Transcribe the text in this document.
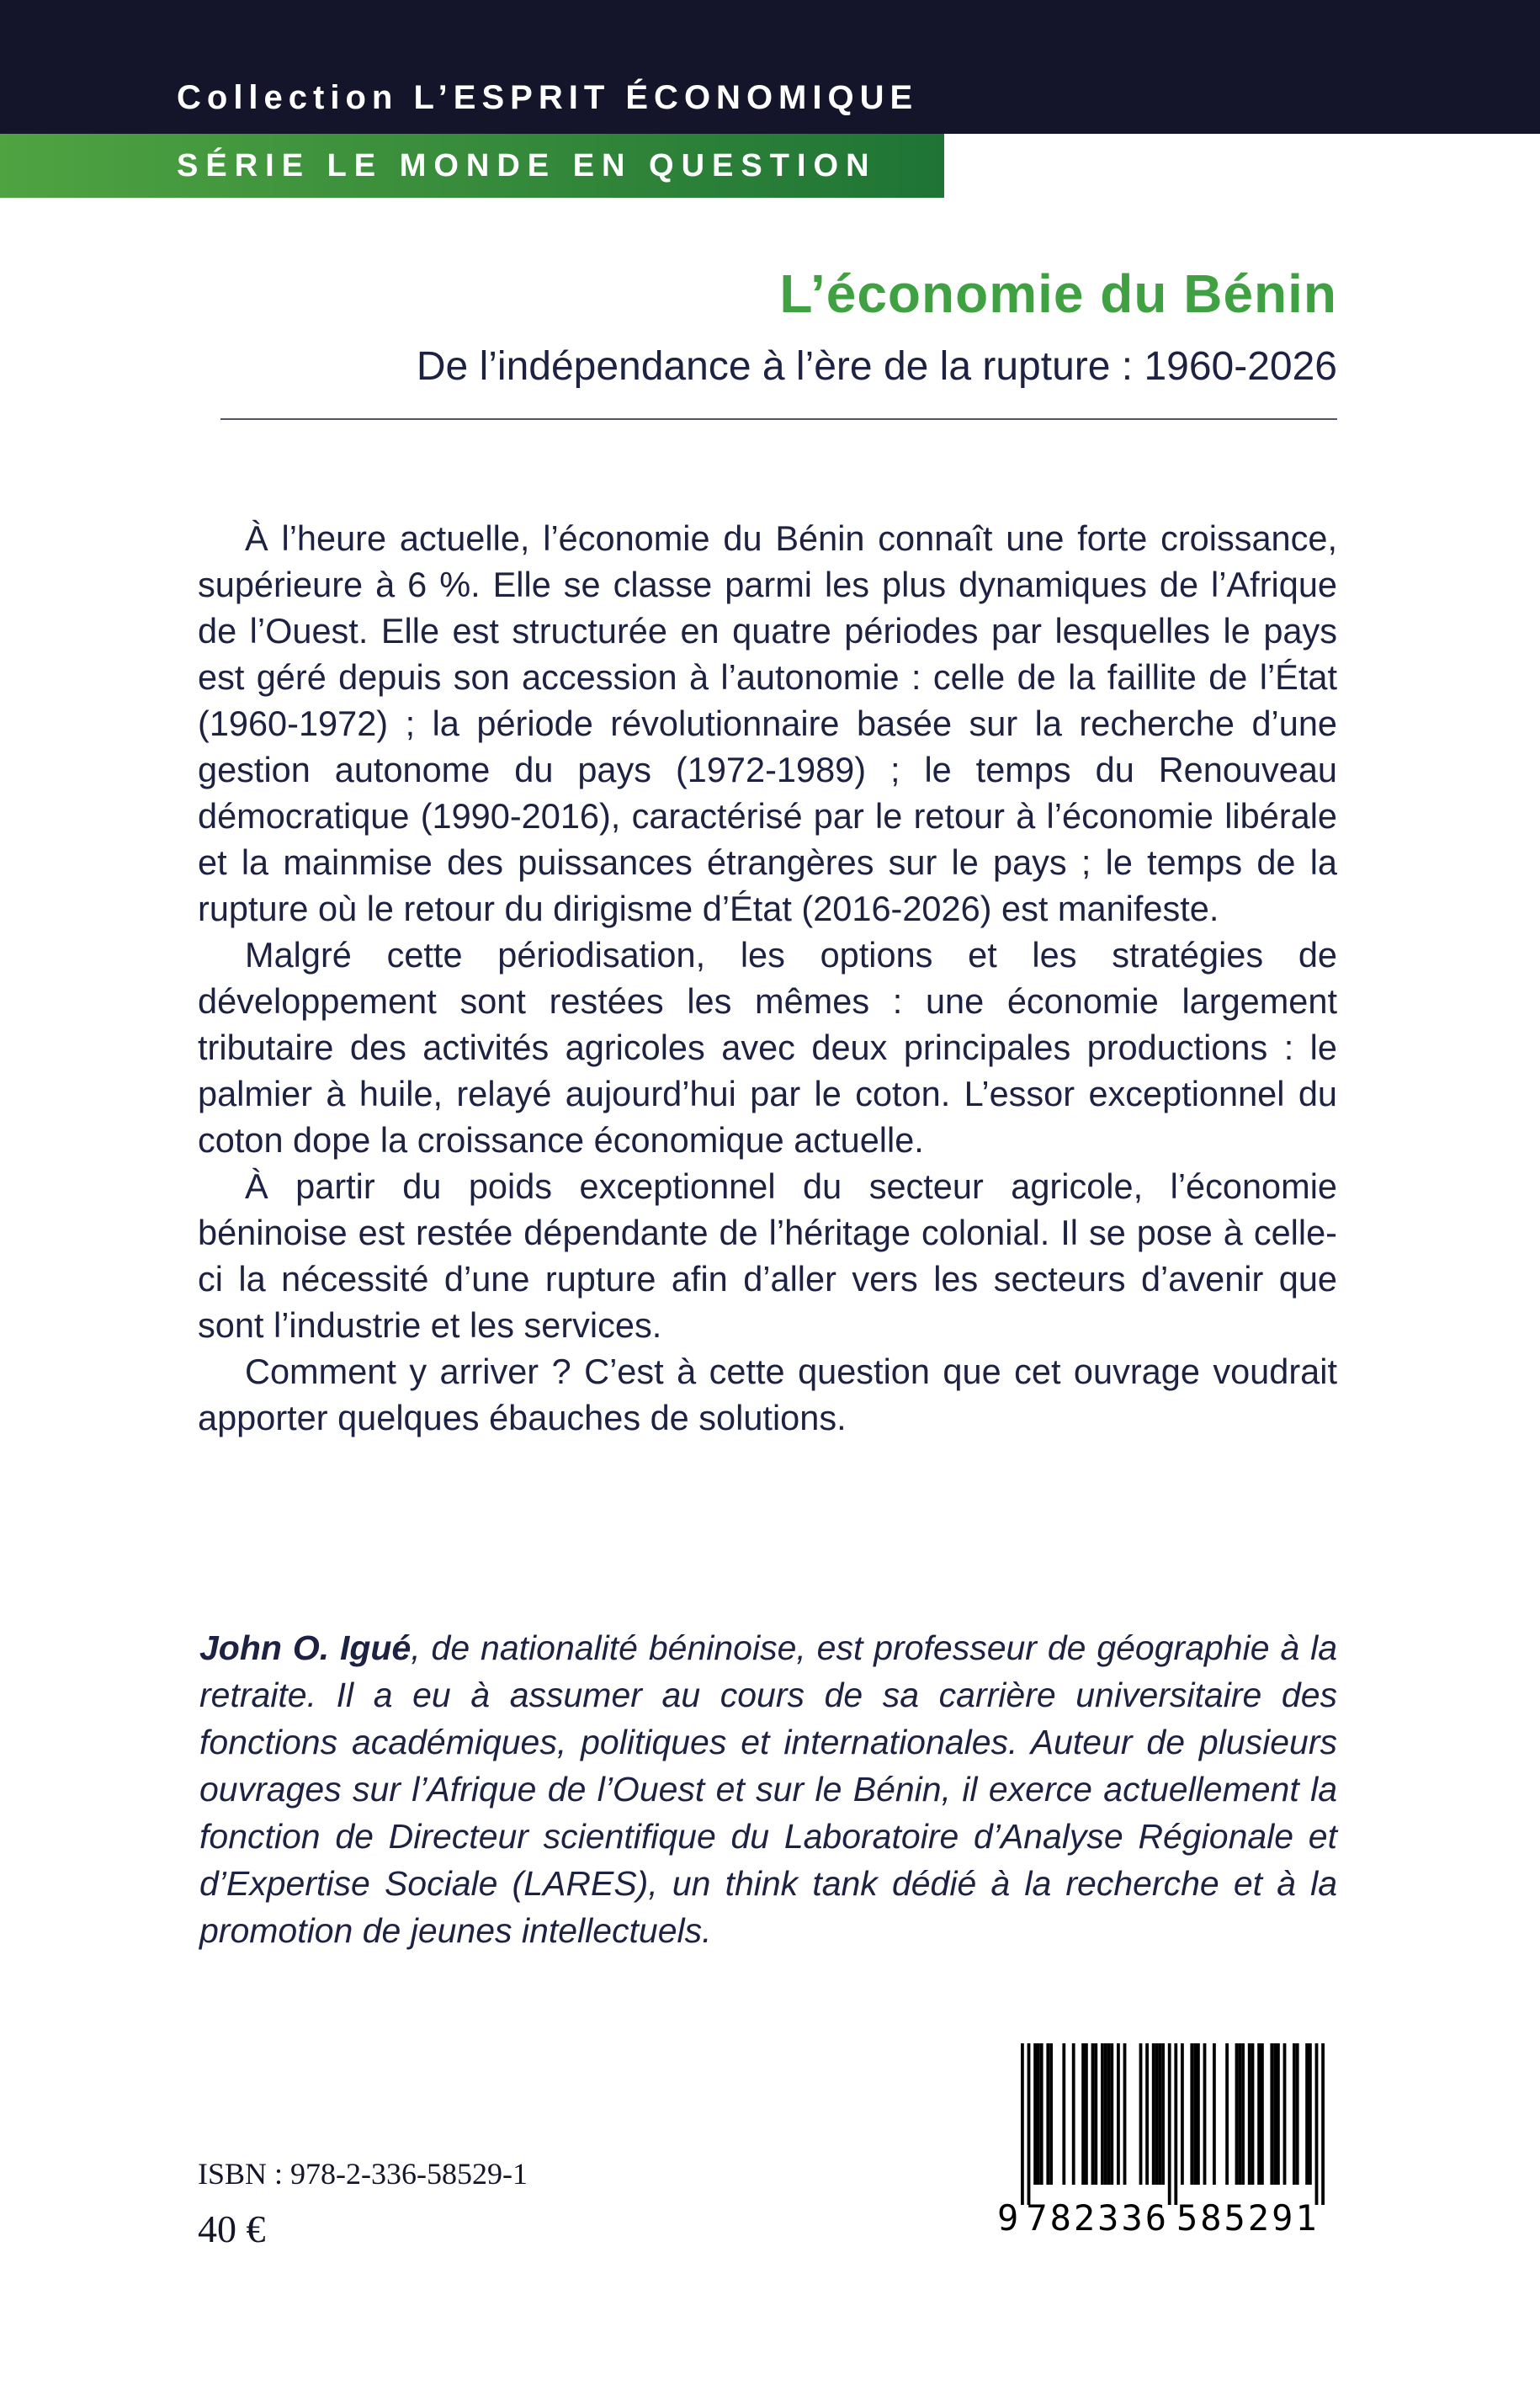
Collection L’ESPRIT ÉCONOMIQUE
SÉRIE LE MONDE EN QUESTION
L’économie du Bénin
De l’indépendance à l’ère de la rupture : 1960-2026

À l’heure actuelle, l’économie du Bénin connaît une forte croissance, supérieure à 6 %. Elle se classe parmi les plus dynamiques de l’Afrique de l’Ouest. Elle est structurée en quatre périodes par lesquelles le pays est géré depuis son accession à l’autonomie : celle de la faillite de l’État (1960-1972) ; la période révolutionnaire basée sur la recherche d’une gestion autonome du pays (1972-1989) ; le temps du Renouveau démocratique (1990-2016), caractérisé par le retour à l’économie libérale et la mainmise des puissances étrangères sur le pays ; le temps de la rupture où le retour du dirigisme d’État (2016-2026) est manifeste.

Malgré cette périodisation, les options et les stratégies de développement sont restées les mêmes : une économie largement tributaire des activités agricoles avec deux principales productions : le palmier à huile, relayé aujourd’hui par le coton. L’essor exceptionnel du coton dope la croissance économique actuelle.

À partir du poids exceptionnel du secteur agricole, l’économie béninoise est restée dépendante de l’héritage colonial. Il se pose à celle-ci la nécessité d’une rupture afin d’aller vers les secteurs d’avenir que sont l’industrie et les services.

Comment y arriver ? C’est à cette question que cet ouvrage voudrait apporter quelques ébauches de solutions.

John O. Igué, de nationalité béninoise, est professeur de géographie à la retraite. Il a eu à assumer au cours de sa carrière universitaire des fonctions académiques, politiques et internationales. Auteur de plusieurs ouvrages sur l’Afrique de l’Ouest et sur le Bénin, il exerce actuellement la fonction de Directeur scientifique du Laboratoire d’Analyse Régionale et d’Expertise Sociale (LARES), un think tank dédié à la recherche et à la promotion de jeunes intellectuels.
ISBN : 978-2-336-58529-1
40 €	9 782336 585291
